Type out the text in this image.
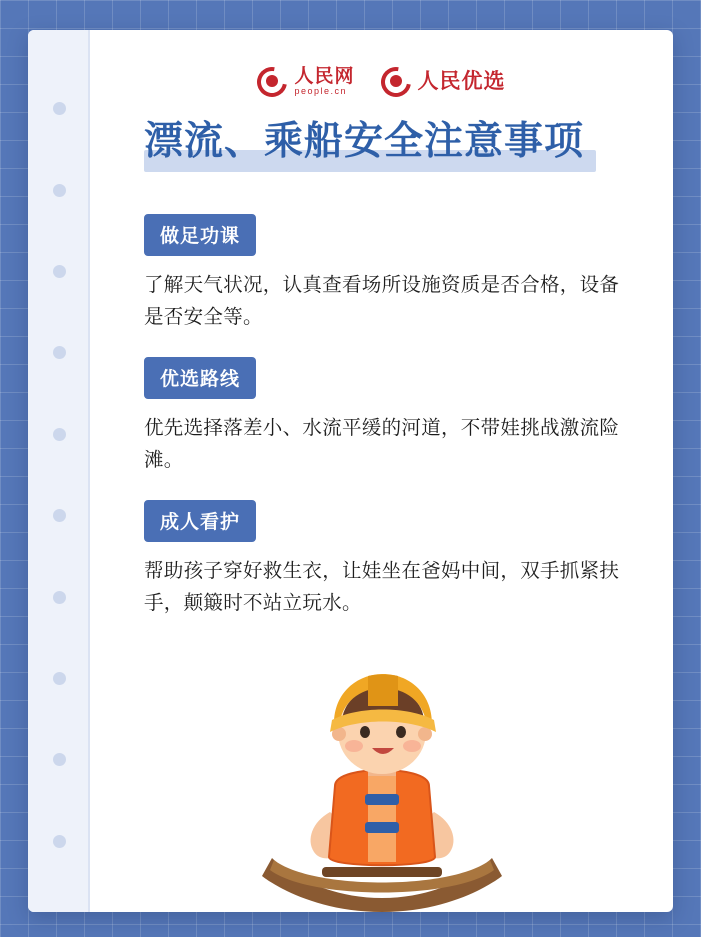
人民网
people.cn	人民优选
漂流、乘船安全注意事项
做足功课

了解天气状况，认真查看场所设施资质是否合格，设备是否安全等。

优选路线

优先选择落差小、水流平缓的河道，不带娃挑战激流险滩。

成人看护

帮助孩子穿好救生衣，让娃坐在爸妈中间，双手抓紧扶手，颠簸时不站立玩水。
